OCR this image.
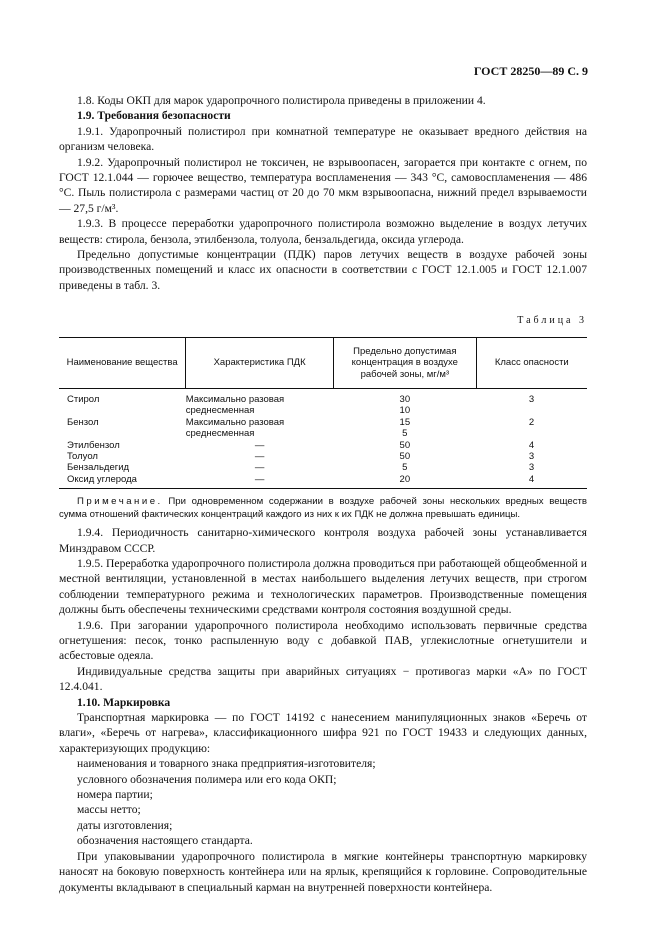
ГОСТ 28250—89 С. 9

1.8. Коды ОКП для марок ударопрочного полистирола приведены в приложении 4.

1.9. Требования безопасности

1.9.1. Ударопрочный полистирол при комнатной температуре не оказывает вредного действия на организм человека.

1.9.2. Ударопрочный полистирол не токсичен, не взрывоопасен, загорается при контакте с огнем, по ГОСТ 12.1.044 — горючее вещество, температура воспламенения — 343 °С, самовоспламенения — 486 °С. Пыль полистирола с размерами частиц от 20 до 70 мкм взрывоопасна, нижний предел взрываемости — 27,5 г/м³.

1.9.3. В процессе переработки ударопрочного полистирола возможно выделение в воздух летучих веществ: стирола, бензола, этилбензола, толуола, бензальдегида, оксида углерода.

Предельно допустимые концентрации (ПДК) паров летучих веществ в воздухе рабочей зоны производственных помещений и класс их опасности в соответствии с ГОСТ 12.1.005 и ГОСТ 12.1.007 приведены в табл. 3.

Таблица 3
Наименование вещества	Характеристика ПДК	Предельно допустимая концентрация в воздухе рабочей зоны, мг/м³	Класс опасности
Стирол	Максимально разовая	30	3
	среднесменная	10	
Бензол	Максимально разовая	15	2
	среднесменная	5	
Этилбензол	—	50	4
Толуол	—	50	3
Бензальдегид	—	5	3
Оксид углерода	—	20	4

Примечание. При одновременном содержании в воздухе рабочей зоны нескольких вредных веществ сумма отношений фактических концентраций каждого из них к их ПДК не должна превышать единицы.

1.9.4. Периодичность санитарно-химического контроля воздуха рабочей зоны устанавливается Минздравом СССР.

1.9.5. Переработка ударопрочного полистирола должна проводиться при работающей общеобменной и местной вентиляции, установленной в местах наибольшего выделения летучих веществ, при строгом соблюдении температурного режима и технологических параметров. Производственные помещения должны быть обеспечены техническими средствами контроля состояния воздушной среды.

1.9.6. При загорании ударопрочного полистирола необходимо использовать первичные средства огнетушения: песок, тонко распыленную воду с добавкой ПАВ, углекислотные огнетушители и асбестовые одеяла.

Индивидуальные средства защиты при аварийных ситуациях − противогаз марки «А» по ГОСТ 12.4.041.

1.10. Маркировка

Транспортная маркировка — по ГОСТ 14192 с нанесением манипуляционных знаков «Беречь от влаги», «Беречь от нагрева», классификационного шифра 921 по ГОСТ 19433 и следующих данных, характеризующих продукцию:

наименования и товарного знака предприятия-изготовителя;

условного обозначения полимера или его кода ОКП;

номера партии;

массы нетто;

даты изготовления;

обозначения настоящего стандарта.

При упаковывании ударопрочного полистирола в мягкие контейнеры транспортную маркировку наносят на боковую поверхность контейнера или на ярлык, крепящийся к горловине. Сопроводительные документы вкладывают в специальный карман на внутренней поверхности контейнера.
